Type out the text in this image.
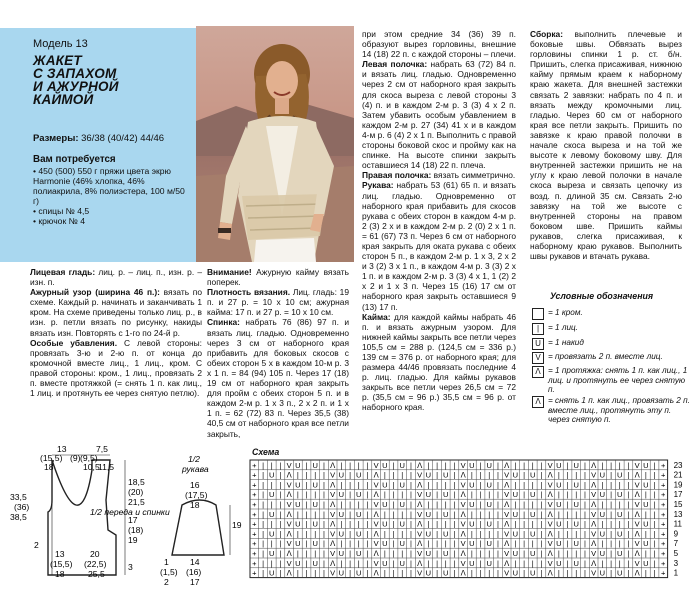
Модель 13
ЖАКЕТ
С ЗАПАХОМ
И АЖУРНОЙ
КАЙМОЙ
Размеры: 36/38 (40/42) 44/46
Вам потребуется
• 450 (500) 550 г пряжи цвета экрю Harmonie (46% хлопка, 46% полиакрила, 8% полиэстера, 100 м/50 г)
• спицы № 4,5
• крючок № 4
Лицевая гладь: лиц. р. – лиц. п., изн. р. – изн. п.
Ажурный узор (ширина 46 п.): вязать по схеме. Каждый р. начинать и заканчивать 1 кром. На схеме приведены только лиц. р., в изн. р. петли вязать по рисунку, накиды вязать изн. Повторять с 1-го по 24-й р.
Особые убавления. С левой стороны: провязать 3-ю и 2-ю п. от конца до кромочной вместе лиц., 1 лиц., кром. С правой стороны: кром., 1 лиц., провязать 2 п. вместе протяжкой (= снять 1 п. как лиц., 1 лиц. и протянуть ее через снятую петлю).
Внимание! Ажурную кайму вязать поперек.
Плотность вязания. Лиц. гладь: 19 п. и 27 р. = 10 х 10 см; ажурная кайма: 17 п. и 27 р. = 10 х 10 см.
Спинка: набрать 76 (86) 97 п. и вязать лиц. гладью. Одновременно через 3 см от наборного края прибавить для боковых скосов с обеих сторон 5 х в каждом 10-м р. 3 х 1 п. = 84 (94) 105 п. Через 17 (18) 19 см от наборного края закрыть для пройм с обеих сторон 5 п. и в каждом 2-м р. 1 х 3 п., 2 х 2 п. и 1 х 1 п. = 62 (72) 83 п. Через 35,5 (38) 40,5 см от наборного края все петли закрыть,
при этом средние 34 (36) 39 п. образуют вырез горловины, внешние 14 (18) 22 п. с каждой стороны – плечи.
Левая полочка: набрать 63 (72) 84 п. и вязать лиц. гладью. Одновременно через 2 см от наборного края закрыть для скоса выреза с левой стороны 3 (4) п. и в каждом 2-м р. 3 (3) 4 х 2 п. Затем убавить особым убавлением в каждом 2-м р. 27 (34) 41 х и в каждом 4-м р. 6 (4) 2 х 1 п. Выполнить с правой стороны боковой скос и пройму как на спинке. На высоте спинки закрыть оставшиеся 14 (18) 22 п. плеча.
Правая полочка: вязать симметрично.
Рукава: набрать 53 (61) 65 п. и вязать лиц. гладью. Одновременно от наборного края прибавить для скосов рукава с обеих сторон в каждом 4-м р. 2 (3) 2 х и в каждом 2-м р. 2 (0) 2 х 1 п. = 61 (67) 73 п. Через 6 см от наборного края закрыть для оката рукава с обеих сторон 5 п., в каждом 2-м р. 1 х 3, 2 х 2 и 3 (2) 3 х 1 п., в каждом 4-м р. 3 (3) 2 х 1 п. и в каждом 2-м р. 3 (3) 4 х 1, 1 (2) 2 х 2 и 1 х 3 п. Через 15 (16) 17 см от наборного края закрыть оставшиеся 9 (13) 17 п.
Кайма: для каждой каймы набрать 46 п. и вязать ажурным узором. Для нижней каймы закрыть все петли через 105,5 см = 288 р. (124,5 см = 336 р.) 139 см = 376 р. от наборного края; для размера 44/46 провязать последние 4 р. лиц. гладью. Для каймы рукавов закрыть все петли через 26,5 см = 72 р. (35,5 см = 96 р.) 35,5 см = 96 р. от наборного края.
Сборка: выполнить плечевые и боковые швы. Обвязать вырез горловины спинки 1 р. ст. б/н. Пришить, слегка присаживая, нижнюю кайму прямым краем к наборному краю жакета. Для внешней застежки связать 2 завязки: набрать по 4 п. и вязать между кромочными лиц. гладью. Через 60 см от наборного края все петли закрыть. Пришить по завязке к краю правой полочки в начале скоса выреза и на той же высоте к левому боковому шву. Для внутренней застежки пришить не на углу к краю левой полочки в начале скоса выреза и связать цепочку из возд. п. длиной 35 см. Связать 2-ю завязку на той же высоте с внутренней стороны на правом боковом шве. Пришить каймы рукавов, слегка присаживая, к наборному краю рукавов. Выполнить швы рукавов и втачать рукава.
Условные обозначения
= 1 кром.
|	= 1 лиц.
U = 1 накид
V = провязать 2 п. вместе лиц.
ᐱ = 1 протяжка: снять 1 п. как лиц., 1 лиц. и протянуть ее через снятую п.
Λ = снять 1 п. как лиц., провязать 2 п. вместе лиц., протянуть эту п. через снятую п.
13
(15,5)
18
7,5
(9,5)
(9)
10,5
11,5
33,5
(36)
38,5
18,5
(20)
21,5
17
(18)
19
3
1/2 переда и спинки
2
13
(15,5)
18
20
(22,5)
25,5
1/2
рукава
16
(17,5)
18
19
14
(16)
17
1
(1,5)
2
Схема
+ | | | V U | U | ᐱ | | | | V U | U | ᐱ | | | | V U | U | ᐱ | | | | V U | U | ᐱ | | | | V U | +
+ | U | ᐱ | | | | V U | U | ᐱ | | | | V U | U | ᐱ | | | | V U | U | ᐱ | | | | V U | U | ᐱ | | +
+ | | | V U | U | ᐱ | | | | V U | U | ᐱ | | | | V U | U | ᐱ | | | | V U | U | ᐱ | | | | V U | +
+ | U | ᐱ | | | | V U | U | ᐱ | | | | V U | U | ᐱ | | | | V U | U | ᐱ | | | | V U | U | ᐱ | | +
+ | | | V U | U | ᐱ | | | | V U | U | ᐱ | | | | V U | U | ᐱ | | | | V U | U | ᐱ | | | | V U | +
+ | U | ᐱ | | | | V U | U | ᐱ | | | | V U | U | ᐱ | | | | V U | U | ᐱ | | | | V U | U | ᐱ | | +
+ | | | V U | U | ᐱ | | | | V U | U | ᐱ | | | | V U | U | ᐱ | | | | V U | U | ᐱ | | | | V U | +
+ | U | ᐱ | | | | V U | U | ᐱ | | | | V U | U | ᐱ | | | | V U | U | ᐱ | | | | V U | U | ᐱ | | +
+ | | | V U | U | ᐱ | | | | V U | U | ᐱ | | | | V U | U | ᐱ | | | | V U | U | ᐱ | | | | V U | +
+ | U | ᐱ | | | | V U | U | ᐱ | | | | V U | U | ᐱ | | | | V U | U | ᐱ | | | | V U | U | ᐱ | | +
+ | | | V U | U | ᐱ | | | | V U | U | ᐱ | | | | V U | U | ᐱ | | | | V U | U | ᐱ | | | | V U | +
+ | U | ᐱ | | | | V U | U | ᐱ | | | | V U | U | ᐱ | | | | V U | U | ᐱ | | | | V U | U | ᐱ | | + 1
3
5
7
9
11
13
15
17
19
21
23
